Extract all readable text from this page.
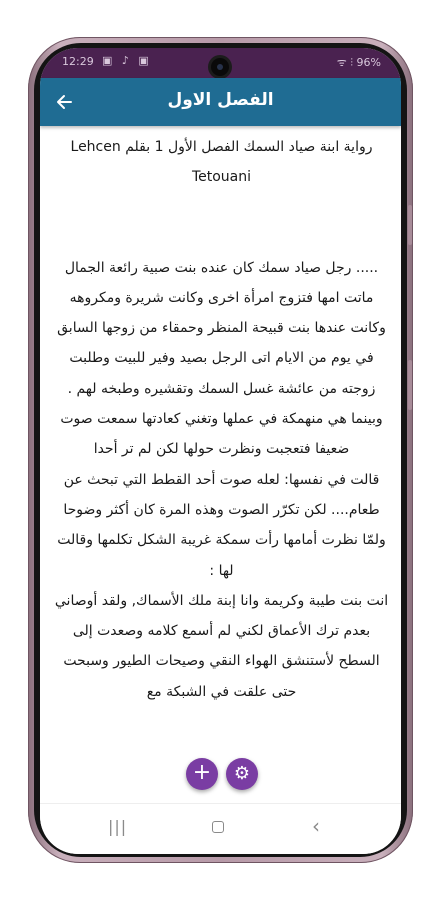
12:29 ▣ ♪ ▣	ᯤ ⫶ 96%
الفصل الاول

رواية ابنة صياد السمك الفصل الأول 1 بقلم Lehcen Tetouani

..... رجل صياد سمك كان عنده بنت صبية رائعة الجمال ماتت امها فتزوج امرأة اخرى وكانت شريرة ومكروهه وكانت عندها بنت قبيحة المنظر وحمقاء من زوجها السابق

في يوم من الايام اتى الرجل بصيد وفير للبيت وطلبت زوجته من عائشة غسل السمك وتقشيره وطبخه لهم .

وبينما هي منهمكة في عملها وتغني كعادتها سمعت صوت ضعيفا فتعجبت ونظرت حولها لكن لم تر أحدا

قالت في نفسها: لعله صوت أحد القطط التي تبحث عن طعام.... لكن تكرّر الصوت وهذه المرة كان أكثر وضوحا ولمّا نظرت أمامها رأت سمكة غريبة الشكل تكلمها وقالت لها :

انت بنت طيبة وكريمة وانا إبنة ملك الأسماك, ولقد أوصاني بعدم ترك الأعماق لكني لم أسمع كلامه وصعدت إلى السطح لأستنشق الهواء النقي وصيحات الطيور وسبحت حتى علقت في الشبكة مع

+	⚙
|||	‹
